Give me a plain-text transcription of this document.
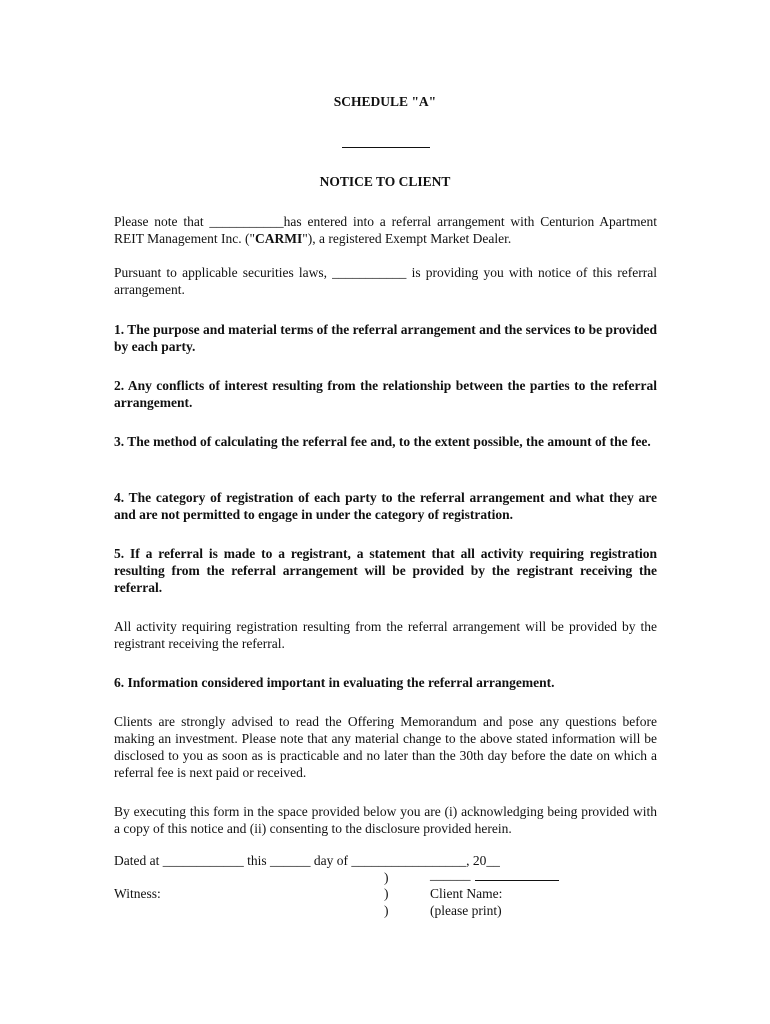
SCHEDULE "A"
NOTICE TO CLIENT

Please note that ___________has entered into a referral arrangement with Centurion Apartment REIT Management Inc. ("CARMI"), a registered Exempt Market Dealer.

Pursuant to applicable securities laws, ___________ is providing you with notice of this referral arrangement.

1. The purpose and material terms of the referral arrangement and the services to be provided by each party.

2. Any conflicts of interest resulting from the relationship between the parties to the referral arrangement.

3. The method of calculating the referral fee and, to the extent possible, the amount of the fee.

4. The category of registration of each party to the referral arrangement and what they are and are not permitted to engage in under the category of registration.

5. If a referral is made to a registrant, a statement that all activity requiring registration resulting from the referral arrangement will be provided by the registrant receiving the referral.

All activity requiring registration resulting from the referral arrangement will be provided by the registrant receiving the referral.

6. Information considered important in evaluating the referral arrangement.

Clients are strongly advised to read the Offering Memorandum and pose any questions before making an investment. Please note that any material change to the above stated information will be disclosed to you as soon as is practicable and no later than the 30th day before the date on which a referral fee is next paid or received.

By executing this form in the space provided below you are (i) acknowledging being provided with a copy of this notice and (ii) consenting to the disclosure provided herein.

Dated at ____________ this ______ day of _________________, 20__
)	______
Witness:	)	Client Name:
)	(please print)
